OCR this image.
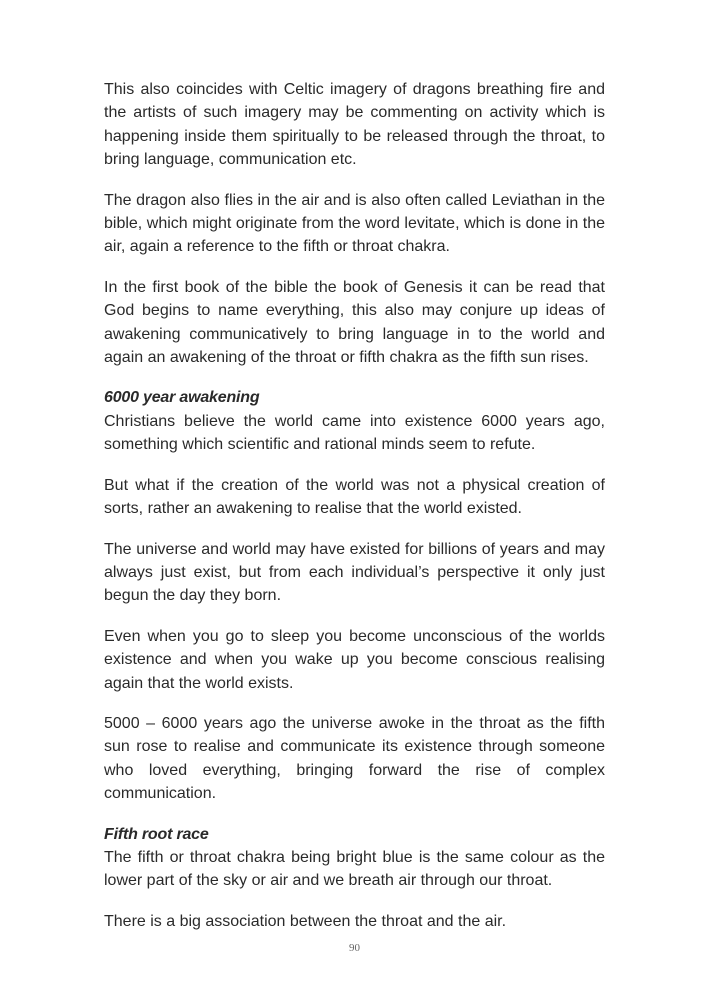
This also coincides with Celtic imagery of dragons breathing fire and the artists of such imagery may be commenting on activity which is happening inside them spiritually to be released through the throat, to bring language, communication etc.

The dragon also flies in the air and is also often called Leviathan in the bible, which might originate from the word levitate, which is done in the air, again a reference to the fifth or throat chakra.

In the first book of the bible the book of Genesis it can be read that God begins to name everything, this also may conjure up ideas of awakening communicatively to bring language in to the world and again an awakening of the throat or fifth chakra as the fifth sun rises.

6000 year awakening
Christians believe the world came into existence 6000 years ago, something which scientific and rational minds seem to refute.

But what if the creation of the world was not a physical creation of sorts, rather an awakening to realise that the world existed.

The universe and world may have existed for billions of years and may always just exist, but from each individual’s perspective it only just begun the day they born.

Even when you go to sleep you become unconscious of the worlds existence and when you wake up you become conscious realising again that the world exists.

5000 – 6000 years ago the universe awoke in the throat as the fifth sun rose to realise and communicate its existence through someone who loved everything, bringing forward the rise of complex communication.

Fifth root race
The fifth or throat chakra being bright blue is the same colour as the lower part of the sky or air and we breath air through our throat.

There is a big association between the throat and the air.

90
